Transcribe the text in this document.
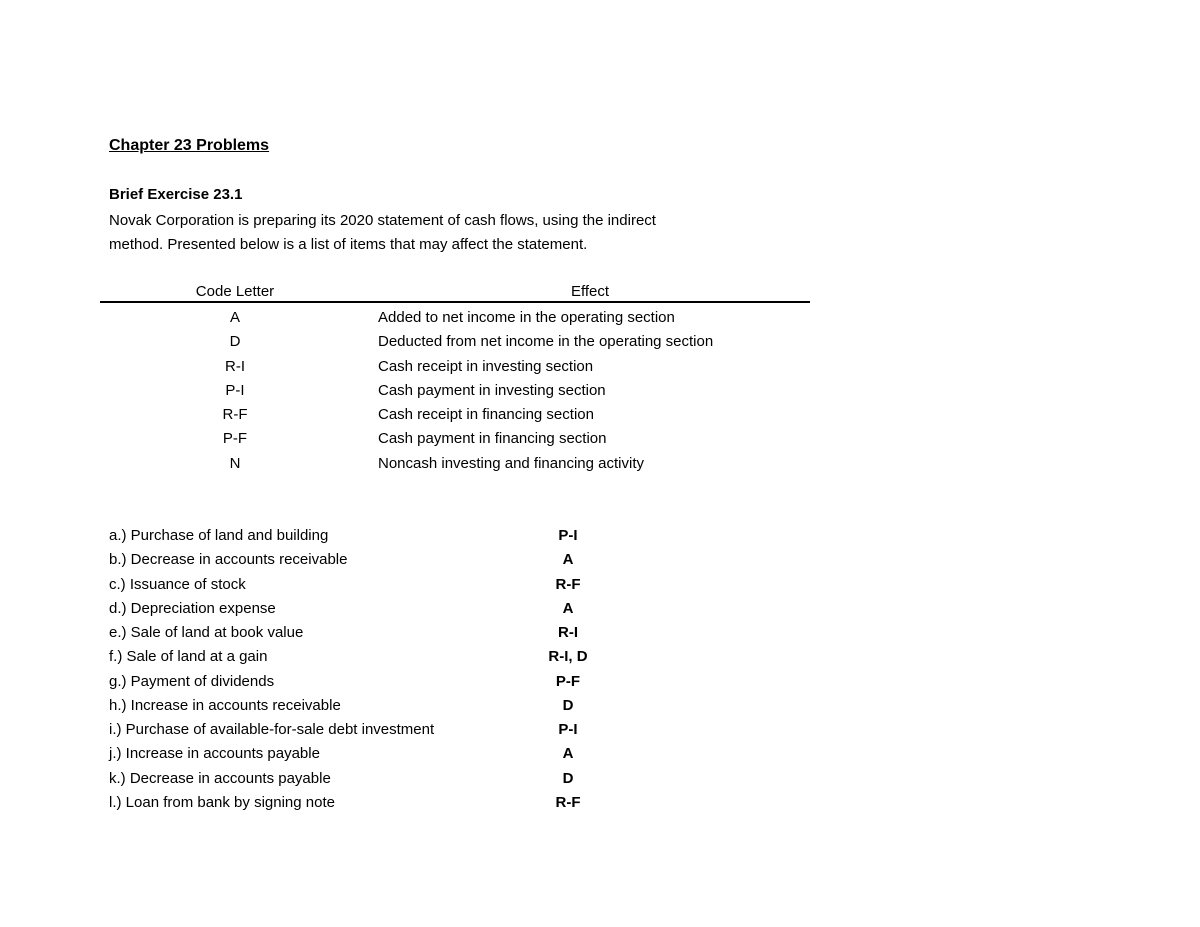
Chapter 23 Problems
Brief Exercise 23.1
Novak Corporation is preparing its 2020 statement of cash flows, using the indirect
method. Presented below is a list of items that may affect the statement.
Code Letter	Effect
A
D
R-I
P-I
R-F
P-F
N
Added to net income in the operating section
Deducted from net income in the operating section
Cash receipt in investing section
Cash payment in investing section
Cash receipt in financing section
Cash payment in financing section
Noncash investing and financing activity
a.) Purchase of land and building
b.) Decrease in accounts receivable
c.) Issuance of stock
d.) Depreciation expense
e.) Sale of land at book value
f.) Sale of land at a gain
g.) Payment of dividends
h.) Increase in accounts receivable
i.) Purchase of available-for-sale debt investment
j.) Increase in accounts payable
k.) Decrease in accounts payable
l.) Loan from bank by signing note
P-I
A
R-F
A
R-I
R-I, D
P-F
D
P-I
A
D
R-F
